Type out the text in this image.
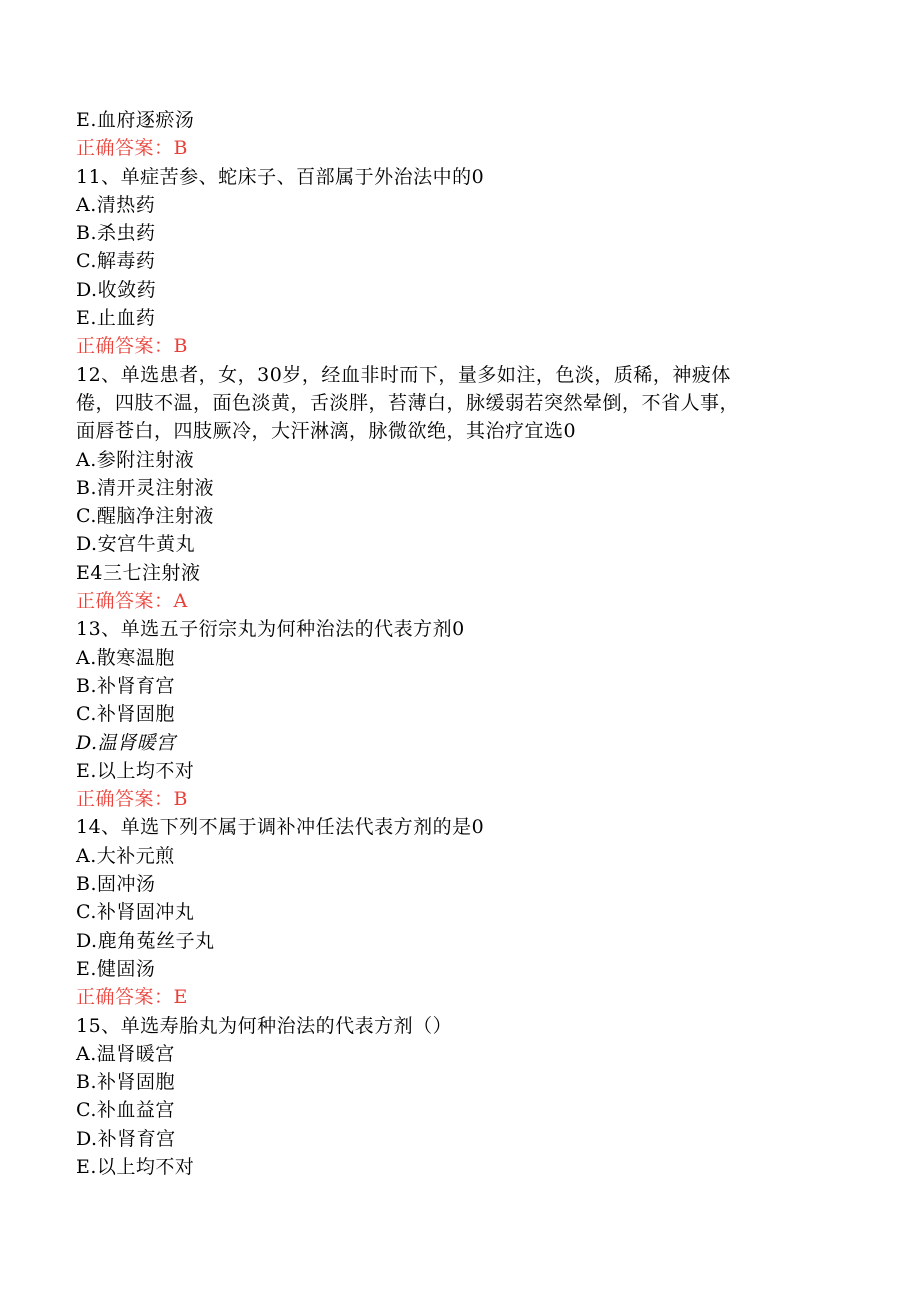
E.血府逐瘀汤
正确答案：B
11、单症苦参、蛇床子、百部属于外治法中的0
A.清热药
B.杀虫药
C.解毒药
D.收敛药
E.止血药
正确答案：B
12、单选患者，女，30岁，经血非时而下，量多如注，色淡，质稀，神疲体
倦，四肢不温，面色淡黄，舌淡胖，苔薄白，脉缓弱若突然晕倒，不省人事，
面唇苍白，四肢厥冷，大汗淋漓，脉微欲绝，其治疗宜选0
A.参附注射液
B.清开灵注射液
C.醒脑净注射液
D.安宫牛黄丸
E4三七注射液
正确答案：A
13、单选五子衍宗丸为何种治法的代表方剂0
A.散寒温胞
B.补肾育宫
C.补肾固胞
D.温肾暖宫
E.以上均不对
正确答案：B
14、单选下列不属于调补冲任法代表方剂的是0
A.大补元煎
B.固冲汤
C.补肾固冲丸
D.鹿角菟丝子丸
E.健固汤
正确答案：E
15、单选寿胎丸为何种治法的代表方剂（）
A.温肾暖宫
B.补肾固胞
C.补血益宫
D.补肾育宫
E.以上均不对
